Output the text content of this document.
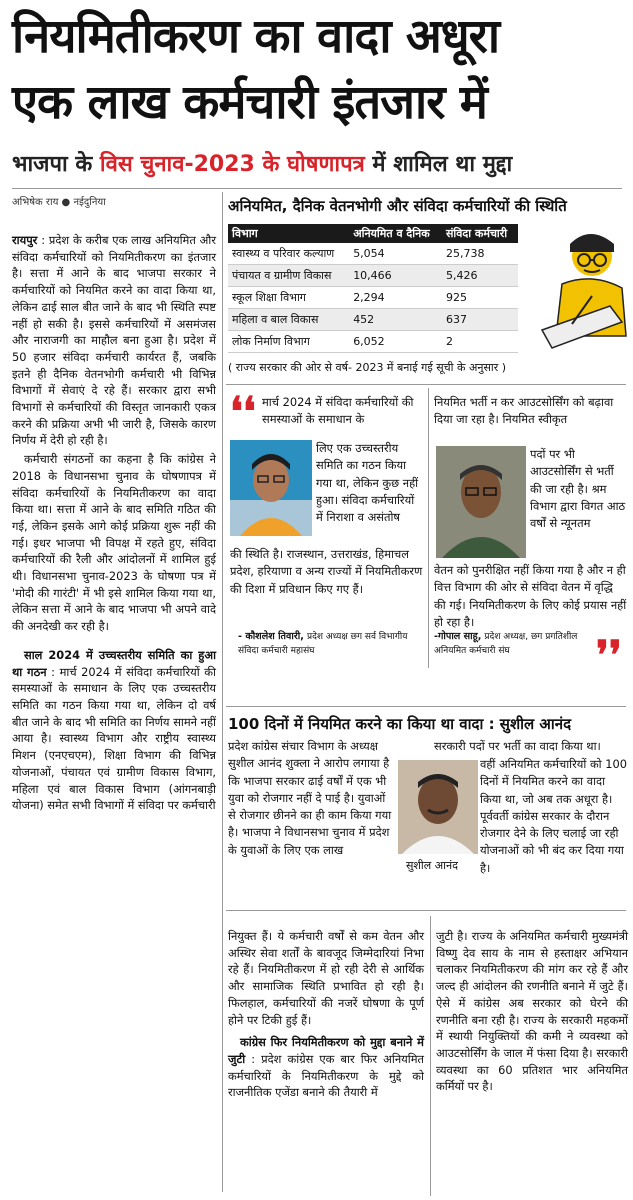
नियमितीकरण का वादा अधूरा
एक लाख कर्मचारी इंतजार में
भाजपा के विस चुनाव-2023 के घोषणापत्र में शामिल था मुद्दा
अभिषेक राय ● नईदुनिया

रायपुर : प्रदेश के करीब एक लाख अनियमित और संविदा कर्मचारियों को नियमितीकरण का इंतजार है। सत्ता में आने के बाद भाजपा सरकार ने कर्मचारियों को नियमित करने का वादा किया था, लेकिन ढाई साल बीत जाने के बाद भी स्थिति स्पष्ट नहीं हो सकी है। इससे कर्मचारियों में असमंजस और नाराजगी का माहौल बना हुआ है। प्रदेश में 50 हजार संविदा कर्मचारी कार्यरत हैं, जबकि इतने ही दैनिक वेतनभोगी कर्मचारी भी विभिन्न विभागों में सेवाएं दे रहे हैं। सरकार द्वारा सभी विभागों से कर्मचारियों की विस्तृत जानकारी एकत्र करने की प्रक्रिया अभी भी जारी है, जिसके कारण निर्णय में देरी हो रही है।

कर्मचारी संगठनों का कहना है कि कांग्रेस ने 2018 के विधानसभा चुनाव के घोषणापत्र में संविदा कर्मचारियों के नियमितीकरण का वादा किया था। सत्ता में आने के बाद समिति गठित की गई, लेकिन इसके आगे कोई प्रक्रिया शुरू नहीं की गई। इधर भाजपा भी विपक्ष में रहते हुए, संविदा कर्मचारियों की रैली और आंदोलनों में शामिल हुई थी। विधानसभा चुनाव-2023 के घोषणा पत्र में 'मोदी की गारंटी' में भी इसे शामिल किया गया था, लेकिन सत्ता में आने के बाद भाजपा भी अपने वादे की अनदेखी कर रही है।

साल 2024 में उच्चस्तरीय समिति का हुआ था गठन : मार्च 2024 में संविदा कर्मचारियों की समस्याओं के समाधान के लिए एक उच्चस्तरीय समिति का गठन किया गया था, लेकिन दो वर्ष बीत जाने के बाद भी समिति का निर्णय सामने नहीं आया है। स्वास्थ्य विभाग और राष्ट्रीय स्वास्थ्य मिशन (एनएचएम), शिक्षा विभाग की विभिन्न योजनाओं, पंचायत एवं ग्रामीण विकास विभाग, महिला एवं बाल विकास विभाग (आंगनबाड़ी योजना) समेत सभी विभागों में संविदा पर कर्मचारी

अनियमित, दैनिक वेतनभोगी और संविदा कर्मचारियों की स्थिति
विभाग	अनियमित व दैनिक	संविदा कर्मचारी
स्वास्थ्य व परिवार कल्याण	5,054	25,738
पंचायत व ग्रामीण विकास	10,466	5,426
स्कूल शिक्षा विभाग	2,294	925
महिला व बाल विकास	452	637
लोक निर्माण विभाग	6,052	2
( राज्य सरकार की ओर से वर्ष- 2023 में बनाई गई सूची के अनुसार )
❛❛ मार्च 2024 में संविदा कर्मचारियों की समस्याओं के समाधान के
लिए एक उच्चस्तरीय समिति का गठन किया गया था, लेकिन कुछ नहीं हुआ। संविदा कर्मचारियों में निराशा व असंतोष
की स्थिति है। राजस्थान, उत्तराखंड, हिमाचल प्रदेश, हरियाणा व अन्य राज्यों में नियमितीकरण की दिशा में प्रविधान किए गए हैं।
- कौशलेश तिवारी, प्रदेश अध्यक्ष छग सर्व विभागीय संविदा कर्मचारी महासंघ
नियमित भर्ती न कर आउटसोर्सिंग को बढ़ावा दिया जा रहा है। नियमित स्वीकृत
पदों पर भी आउटसोर्सिंग से भर्ती की जा रही है। श्रम विभाग द्वारा विगत आठ वर्षों से न्यूनतम
वेतन को पुनरीक्षित नहीं किया गया है और न ही वित्त विभाग की ओर से संविदा वेतन में वृद्धि की गई। नियमितीकरण के लिए कोई प्रयास नहीं हो रहा है।
-गोपाल साहू, प्रदेश अध्यक्ष, छग प्रगतिशील अनियमित कर्मचारी संघ	❜❜
100 दिनों में नियमित करने का किया था वादा : सुशील आनंद
प्रदेश कांग्रेस संचार विभाग के अध्यक्ष सुशील आनंद शुक्ला ने आरोप लगाया है कि भाजपा सरकार ढाई वर्षों में एक भी युवा को रोजगार नहीं दे पाई है। युवाओं से रोजगार छीनने का ही काम किया गया है। भाजपा ने विधानसभा चुनाव में प्रदेश के युवाओं के लिए एक लाख
सरकारी पदों पर भर्ती का वादा किया था।
वहीं अनियमित कर्मचारियों को 100 दिनों में नियमित करने का वादा किया था, जो अब तक अधूरा है। पूर्ववर्ती कांग्रेस सरकार के दौरान रोजगार देने के लिए चलाई जा रही योजनाओं को भी बंद कर दिया गया है।
सुशील आनंद

नियुक्त हैं। ये कर्मचारी वर्षों से कम वेतन और अस्थिर सेवा शर्तों के बावजूद जिम्मेदारियां निभा रहे हैं। नियमितीकरण में हो रही देरी से आर्थिक और सामाजिक स्थिति प्रभावित हो रही है। फिलहाल, कर्मचारियों की नजरें घोषणा के पूर्ण होने पर टिकी हुई हैं।

कांग्रेस फिर नियमितीकरण को मुद्दा बनाने में जुटी : प्रदेश कांग्रेस एक बार फिर अनियमित कर्मचारियों के नियमितीकरण के मुद्दे को राजनीतिक एजेंडा बनाने की तैयारी में

जुटी है। राज्य के अनियमित कर्मचारी मुख्यमंत्री विष्णु देव साय के नाम से हस्ताक्षर अभियान चलाकर नियमितीकरण की मांग कर रहे हैं और जल्द ही आंदोलन की रणनीति बनाने में जुटे हैं। ऐसे में कांग्रेस अब सरकार को घेरने की रणनीति बना रही है। राज्य के सरकारी महकमों में स्थायी नियुक्तियों की कमी ने व्यवस्था को आउटसोर्सिंग के जाल में फंसा दिया है। सरकारी व्यवस्था का 60 प्रतिशत भार अनियमित कर्मियों पर है।
